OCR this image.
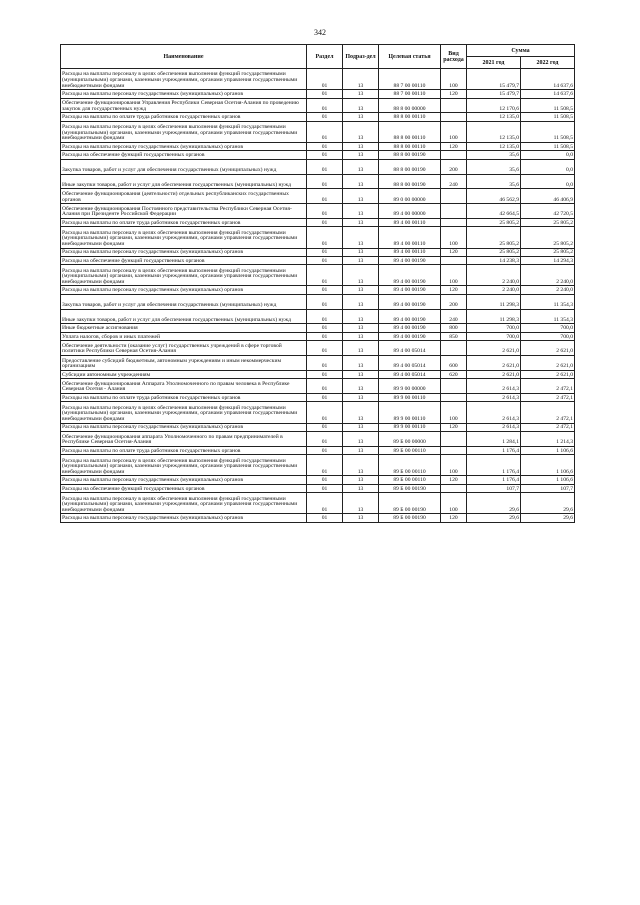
342
Наименование	Раздел	Подраз-дел	Целевая статья	Вид расхода	Сумма	
					2021 год	2022 год
Расходы на выплаты персоналу в целях обеспечения выполнения функций государственными (муниципальными) органами, казенными учреждениями, органами управления государственными внебюджетными фондами	01	13	88 7 00 00110	100	15 479,7	14 637,6
Расходы на выплаты персоналу государственных (муниципальных) органов	01	13	88 7 00 00110	120	15 479,7	14 637,6
Обеспечение функционирования Управления Республики Северная Осетия-Алания по проведению закупок для государственных нужд	01	13	88 8 00 00000		12 170,6	11 508,5
Расходы на выплаты по оплате труда работников государственных органов	01	13	88 8 00 00110		12 135,0	11 508,5
Расходы на выплаты персоналу в целях обеспечения выполнения функций государственными (муниципальными) органами, казенными учреждениями, органами управления государственными внебюджетными фондами	01	13	88 8 00 00110	100	12 135,0	11 508,5
Расходы на выплаты персоналу государственных (муниципальных) органов	01	13	88 8 00 00110	120	12 135,0	11 508,5
Расходы на обеспечение функций государственных органов	01	13	88 8 00 00190		35,6	0,0
Закупка товаров, работ и услуг для обеспечения государственных (муниципальных) нужд	01	13	88 8 00 00190	200	35,6	0,0
Иные закупки товаров, работ и услуг для обеспечения государственных (муниципальных) нужд	01	13	88 8 00 00190	240	35,6	0,0
Обеспечение функционирования (деятельности) отдельных республиканских государственных органов	01	13	89 0 00 00000		46 562,9	46 406,9
Обеспечение функционирования Постоянного представительства Республики Северная Осетия-Алания при Президенте Российской Федерации	01	13	89 4 00 00000		42 664,5	42 720,5
Расходы на выплаты по оплате труда работников государственных органов	01	13	89 4 00 00110		25 805,2	25 805,2
Расходы на выплаты персоналу в целях обеспечения выполнения функций государственными (муниципальными) органами, казенными учреждениями, органами управления государственными внебюджетными фондами	01	13	89 4 00 00110	100	25 805,2	25 805,2
Расходы на выплаты персоналу государственных (муниципальных) органов	01	13	89 4 00 00110	120	25 805,2	25 805,2
Расходы на обеспечение функций государственных органов	01	13	89 4 00 00190		14 238,3	14 294,3
Расходы на выплаты персоналу в целях обеспечения выполнения функций государственными (муниципальными) органами, казенными учреждениями, органами управления государственными внебюджетными фондами	01	13	89 4 00 00190	100	2 240,0	2 240,0
Расходы на выплаты персоналу государственных (муниципальных) органов	01	13	89 4 00 00190	120	2 240,0	2 240,0
Закупка товаров, работ и услуг для обеспечения государственных (муниципальных) нужд	01	13	89 4 00 00190	200	11 298,3	11 354,3
Иные закупки товаров, работ и услуг для обеспечения государственных (муниципальных) нужд	01	13	89 4 00 00190	240	11 298,3	11 354,3
Иные бюджетные ассигнования	01	13	89 4 00 00190	800	700,0	700,0
Уплата налогов, сборов и иных платежей	01	13	89 4 00 00190	850	700,0	700,0
Обеспечение деятельности (оказание услуг) государственных учреждений в сфере торговой политики Республики Северная Осетия-Алания	01	13	89 4 00 05014		2 621,0	2 621,0
Предоставление субсидий бюджетным, автономным учреждениям и иным некоммерческим организациям	01	13	89 4 00 05014	600	2 621,0	2 621,0
Субсидии автономным учреждениям	01	13	89 4 00 05014	620	2 621,0	2 621,0
Обеспечение функционирования Аппарата Уполномоченного по правам человека в Республике Северная Осетия - Алания	01	13	89 9 00 00000		2 614,3	2 472,1
Расходы на выплаты по оплате труда работников государственных органов	01	13	89 9 00 00110		2 614,3	2 472,1
Расходы на выплаты персоналу в целях обеспечения выполнения функций государственными (муниципальными) органами, казенными учреждениями, органами управления государственными внебюджетными фондами	01	13	89 9 00 00110	100	2 614,3	2 472,1
Расходы на выплаты персоналу государственных (муниципальных) органов	01	13	89 9 00 00110	120	2 614,3	2 472,1
Обеспечение функционирования аппарата Уполномоченного по правам предпринимателей в Республике Северная Осетия-Алания	01	13	89 Б 00 00000		1 284,1	1 214,3
Расходы на выплаты по оплате труда работников государственных органов	01	13	89 Б 00 00110		1 176,4	1 106,6
Расходы на выплаты персоналу в целях обеспечения выполнения функций государственными (муниципальными) органами, казенными учреждениями, органами управления государственными внебюджетными фондами	01	13	89 Б 00 00110	100	1 176,4	1 106,6
Расходы на выплаты персоналу государственных (муниципальных) органов	01	13	89 Б 00 00110	120	1 176,4	1 106,6
Расходы на обеспечение функций государственных органов	01	13	89 Б 00 00190		107,7	107,7
Расходы на выплаты персоналу в целях обеспечения выполнения функций государственными (муниципальными) органами, казенными учреждениями, органами управления государственными внебюджетными фондами	01	13	89 Б 00 00190	100	29,6	29,6
Расходы на выплаты персоналу государственных (муниципальных) органов	01	13	89 Б 00 00190	120	29,6	29,6
